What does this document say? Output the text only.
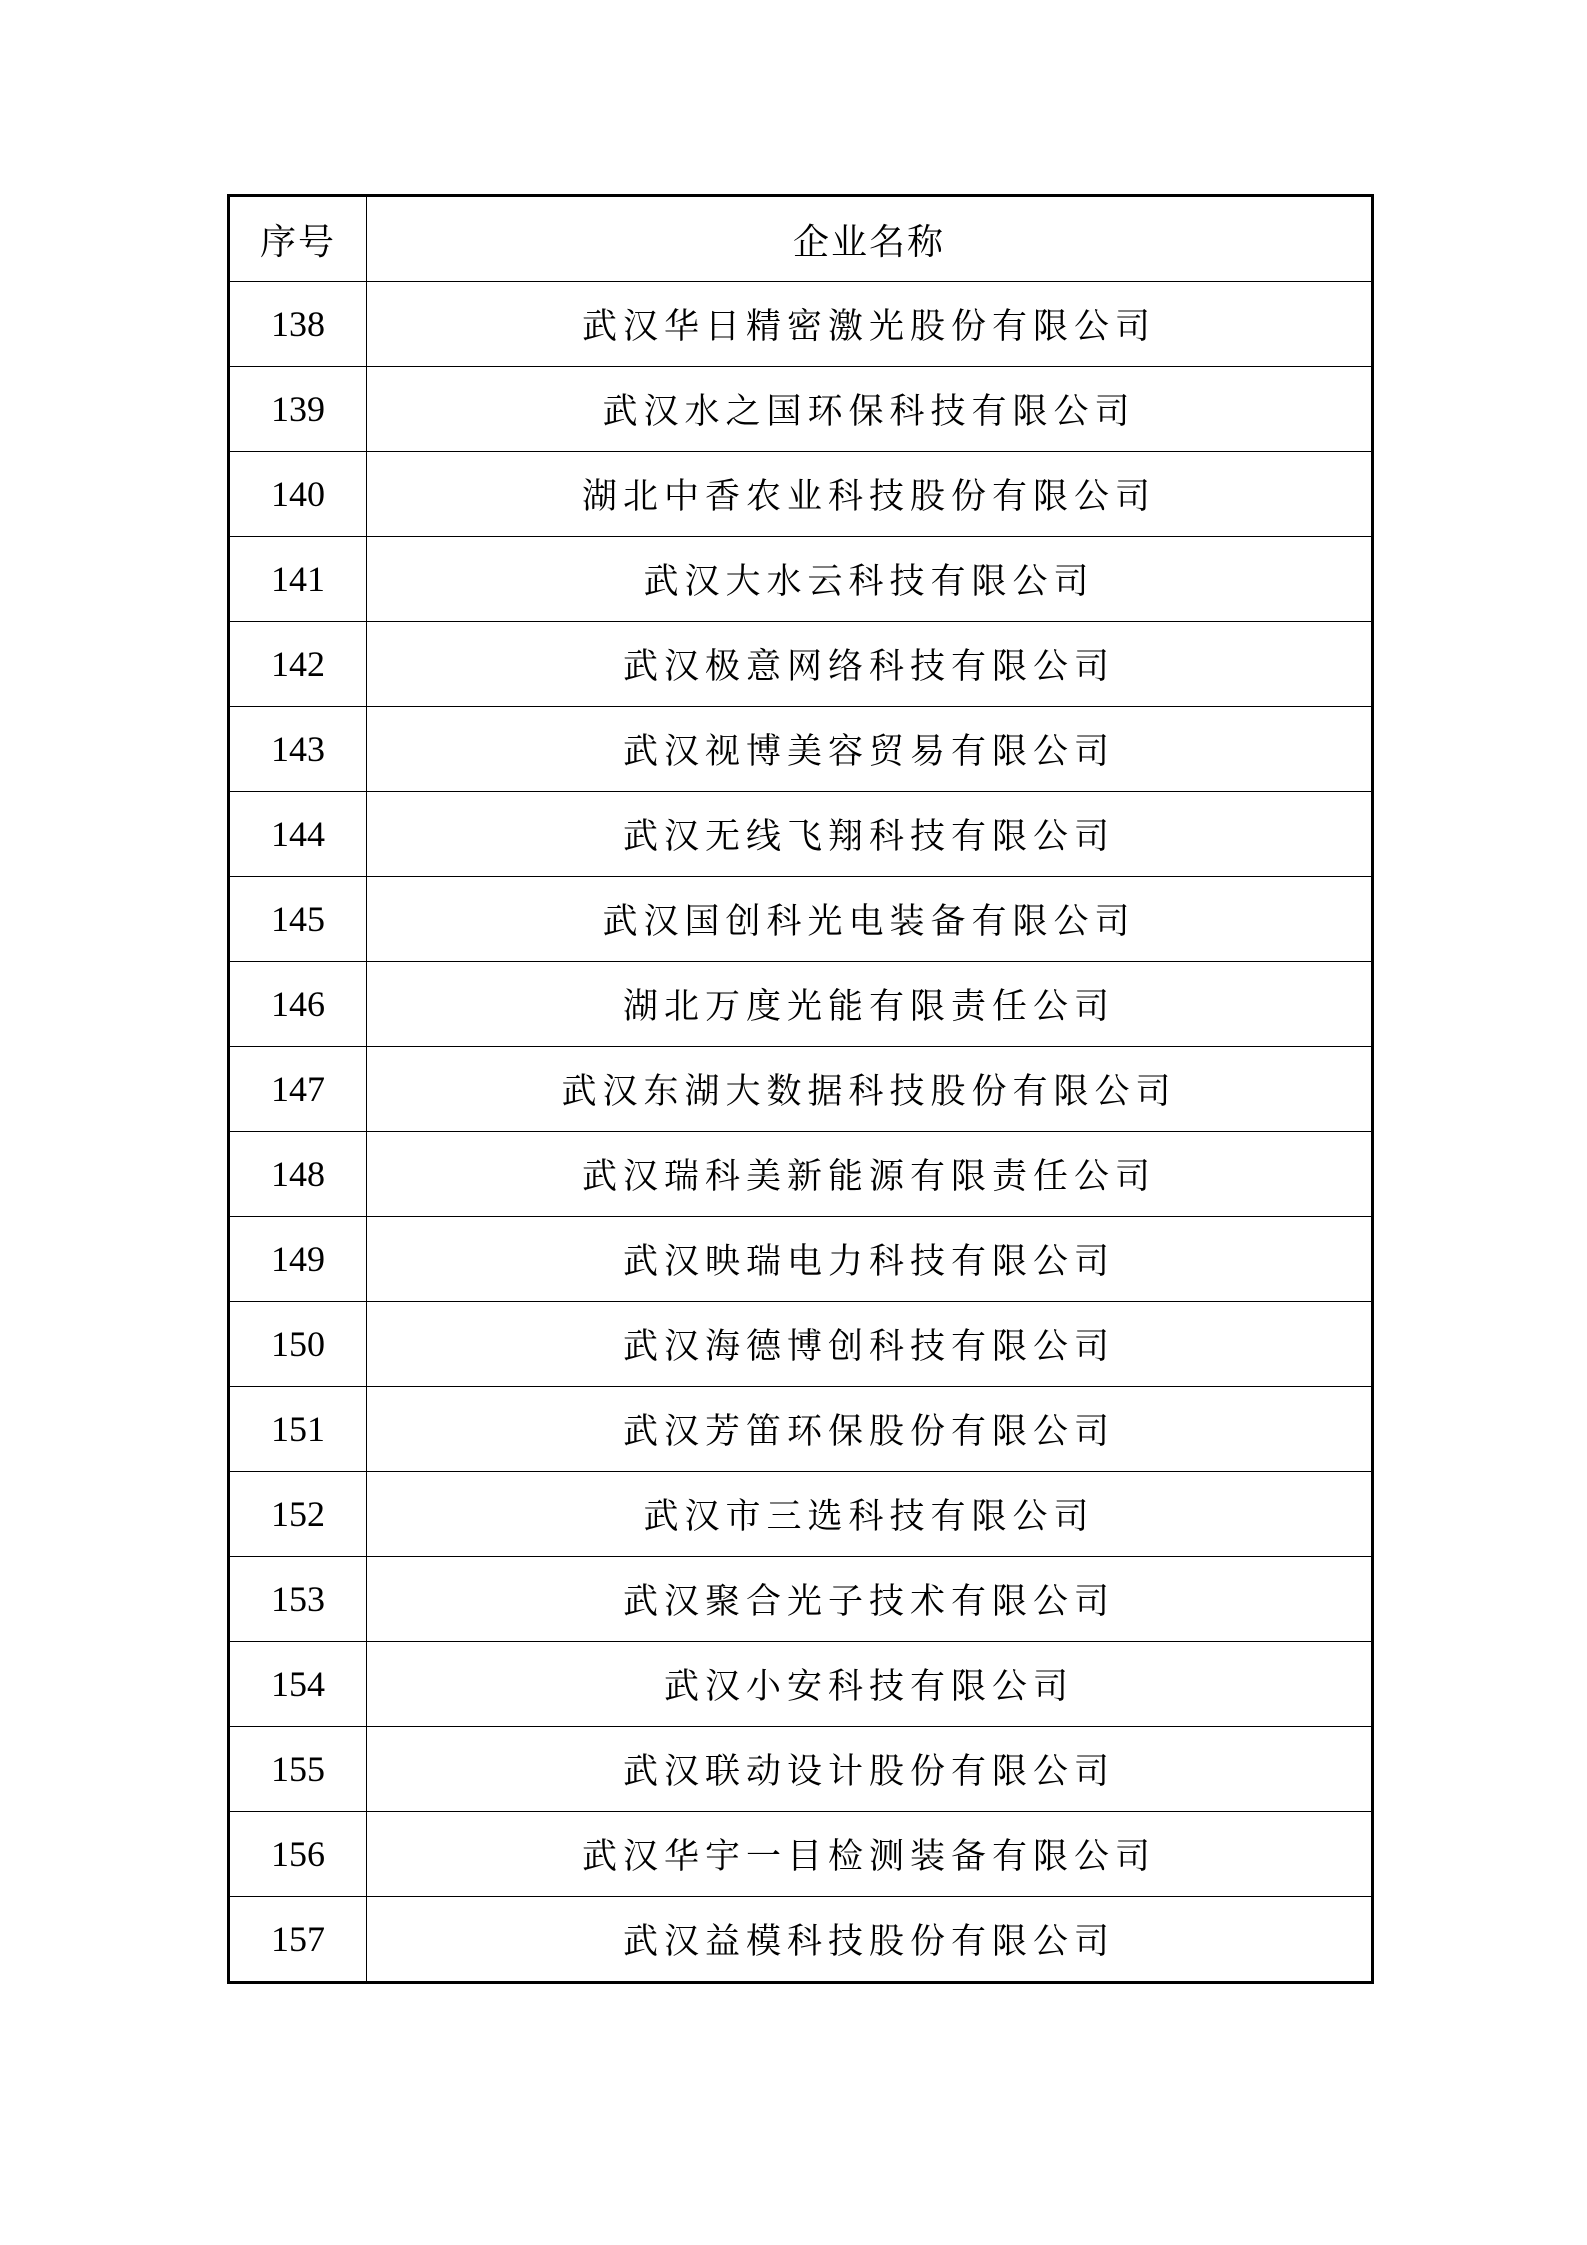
序号	企业名称
138	武汉华日精密激光股份有限公司
139	武汉水之国环保科技有限公司
140	湖北中香农业科技股份有限公司
141	武汉大水云科技有限公司
142	武汉极意网络科技有限公司
143	武汉视博美容贸易有限公司
144	武汉无线飞翔科技有限公司
145	武汉国创科光电装备有限公司
146	湖北万度光能有限责任公司
147	武汉东湖大数据科技股份有限公司
148	武汉瑞科美新能源有限责任公司
149	武汉映瑞电力科技有限公司
150	武汉海德博创科技有限公司
151	武汉芳笛环保股份有限公司
152	武汉市三选科技有限公司
153	武汉聚合光子技术有限公司
154	武汉小安科技有限公司
155	武汉联动设计股份有限公司
156	武汉华宇一目检测装备有限公司
157	武汉益模科技股份有限公司
